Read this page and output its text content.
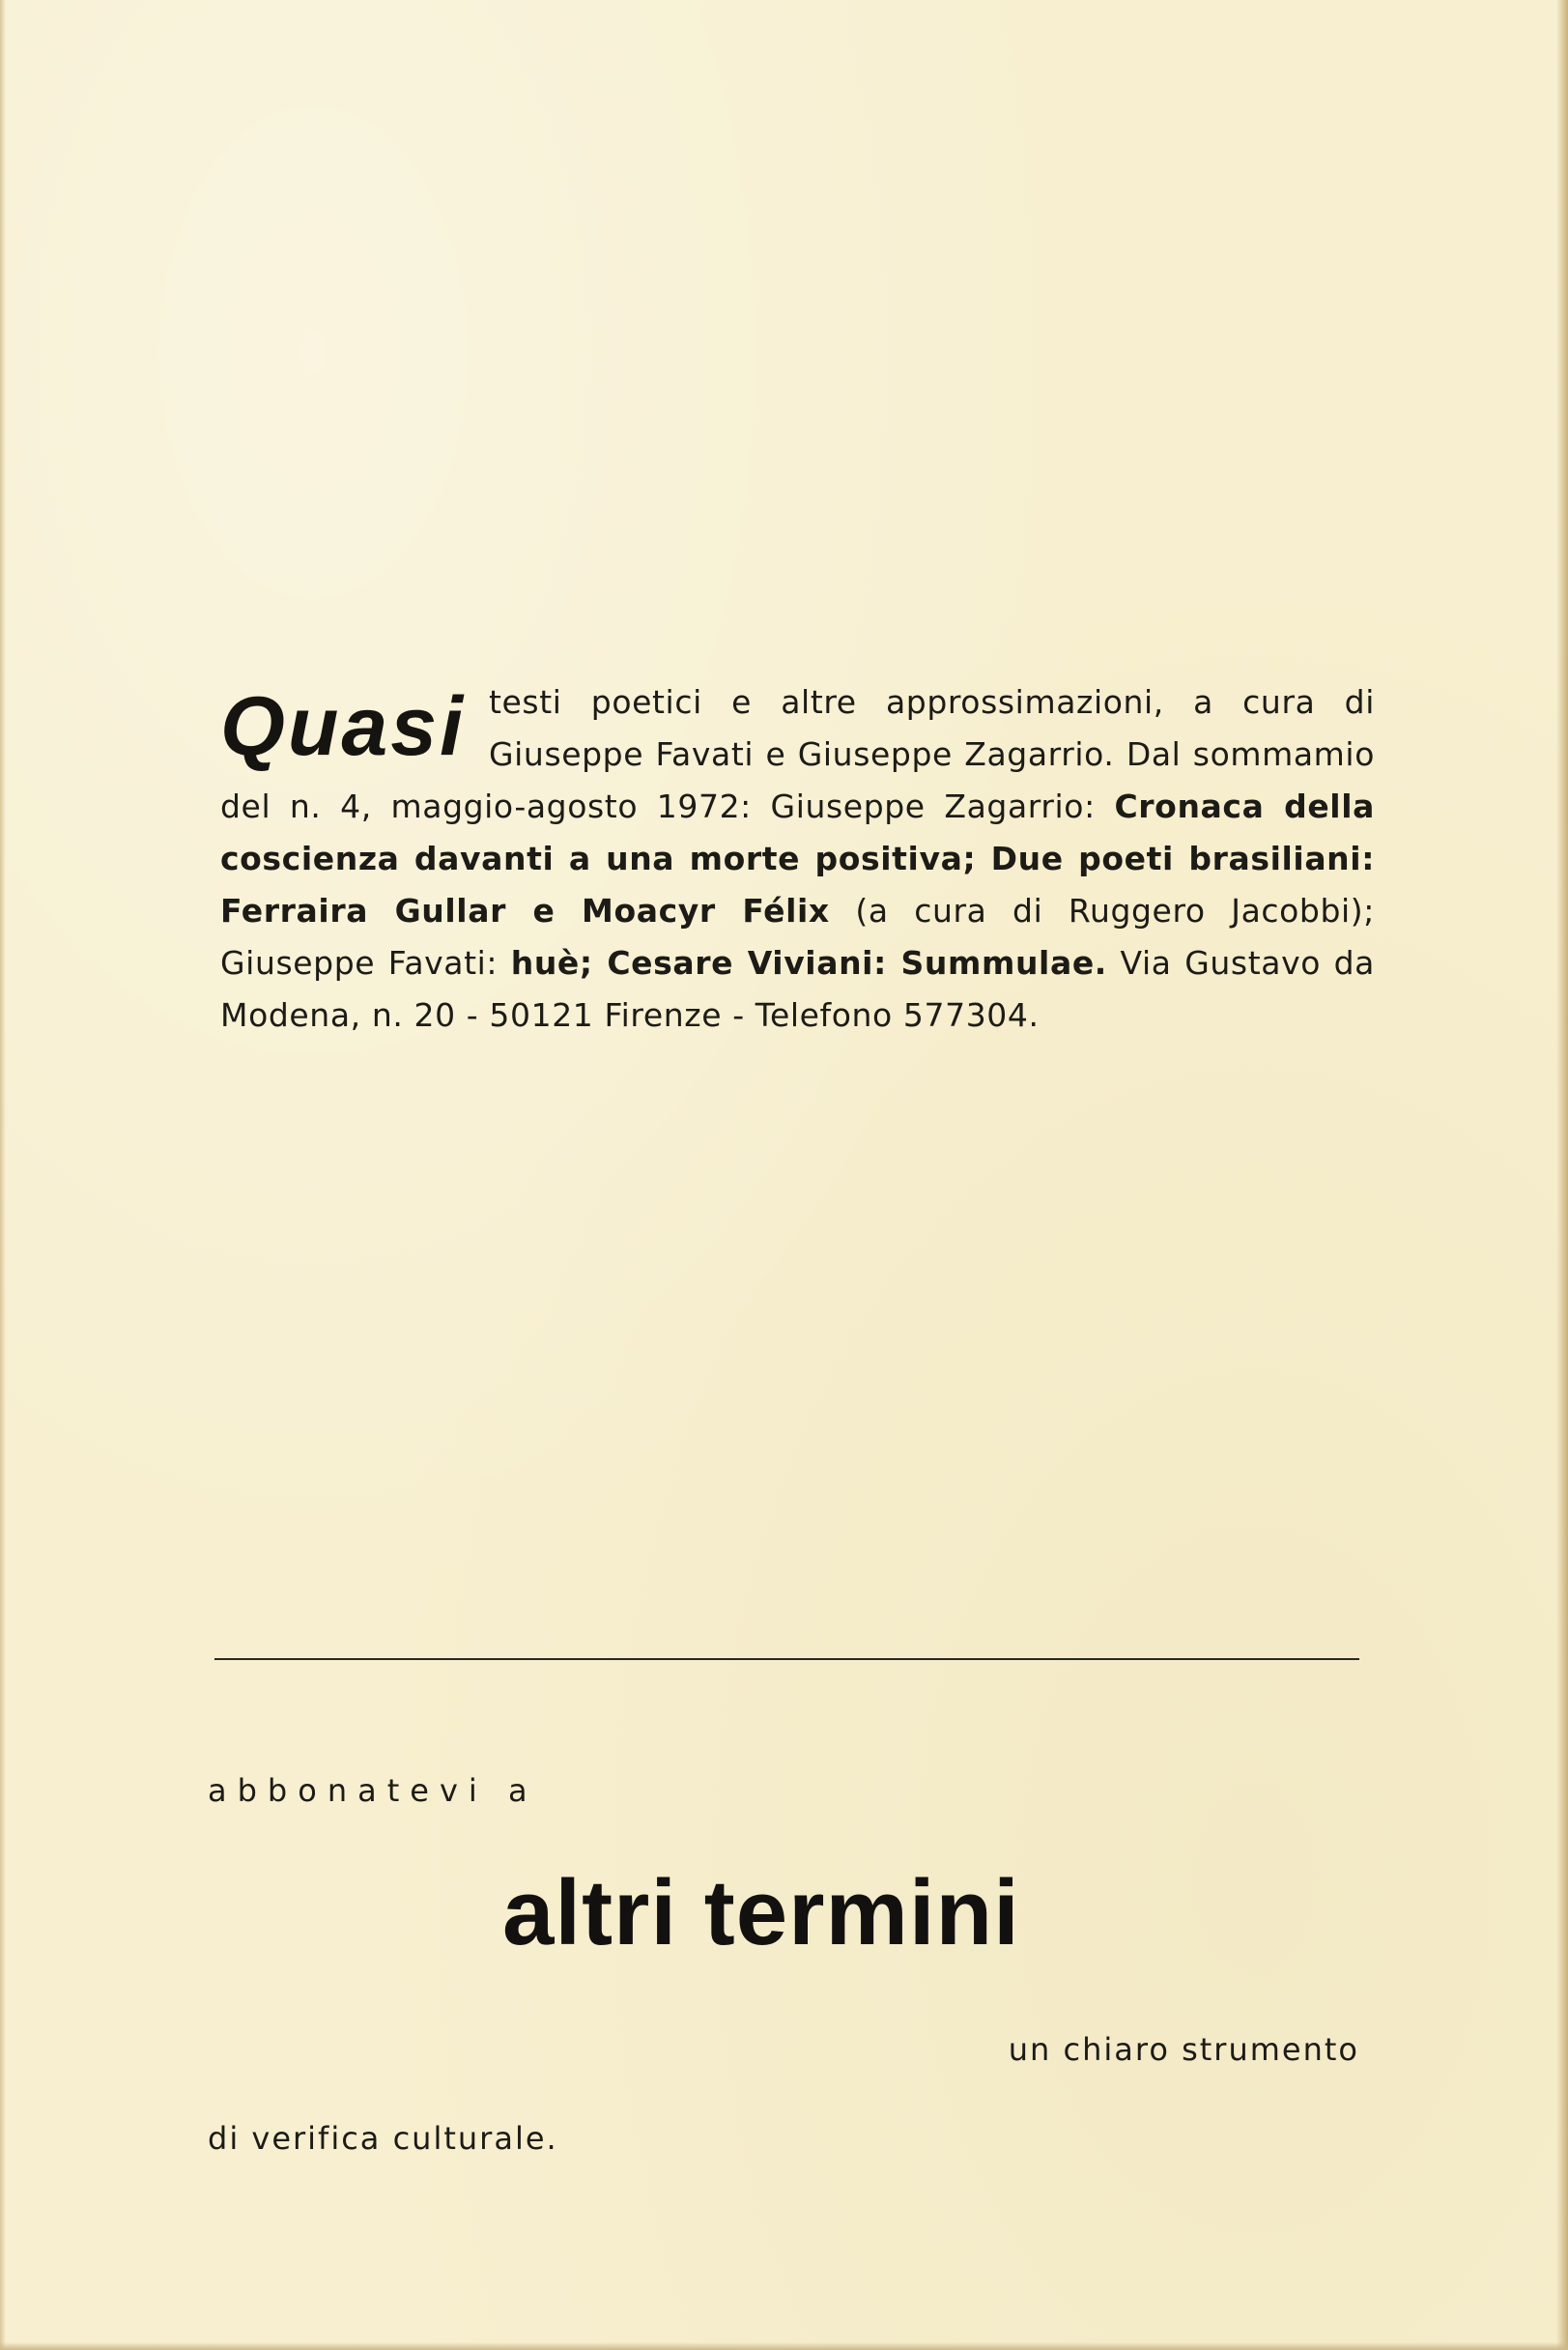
Quasi testi poetici e altre approssimazioni, a cura di Giuseppe Favati e Giuseppe Zagarrio. Dal sommamio del n. 4, maggio-agosto 1972: Giuseppe Zagarrio: Cronaca della coscienza davanti a una morte positiva; Due poeti brasiliani: Ferraira Gullar e Moacyr Félix (a cura di Ruggero Jacobbi); Giuseppe Favati: huè; Cesare Viviani: Summulae. Via Gustavo da Modena, n. 20 - 50121 Firenze - Telefono 577304.
abbonatevi a
altri termini
un chiaro strumento
di verifica culturale.
